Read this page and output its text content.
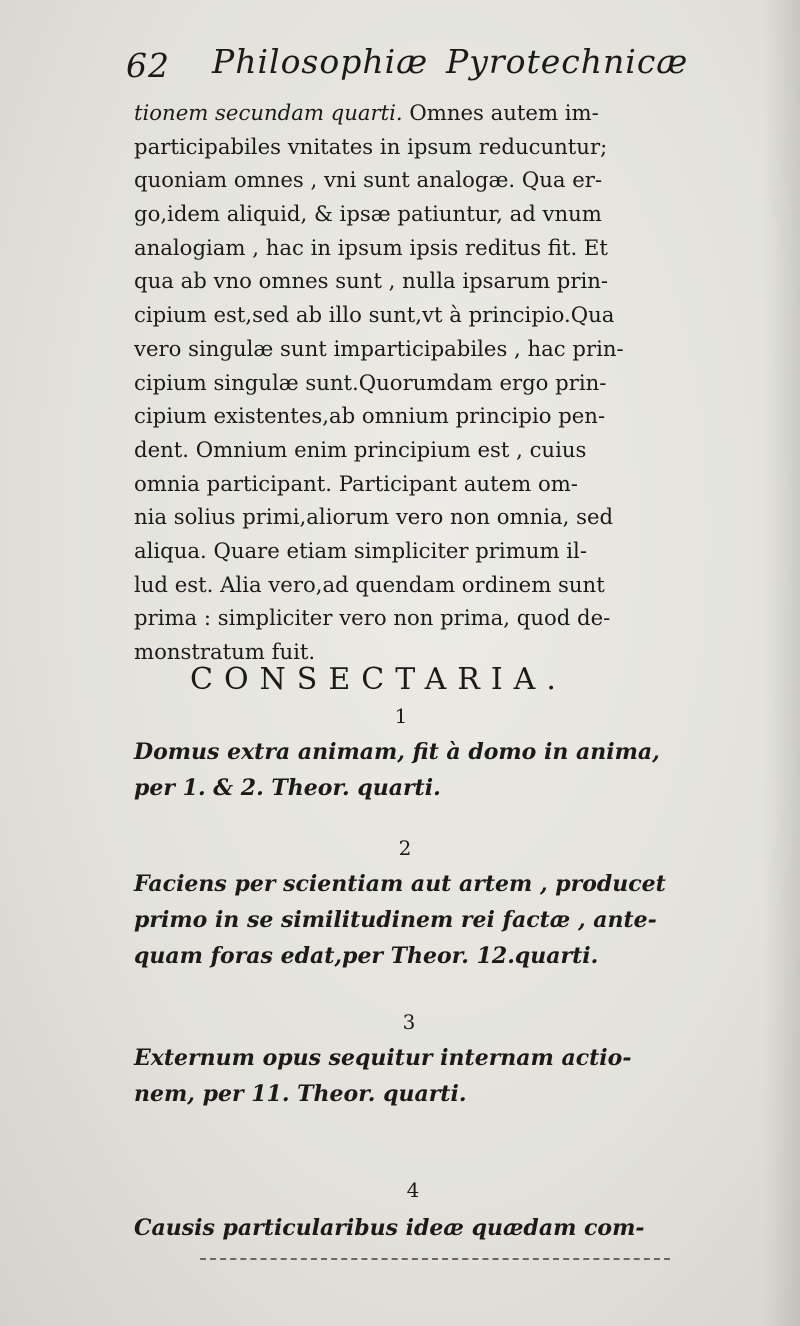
62 Philosophiæ Pyrotechnicæ
tionem secundam quarti. Omnes autem im-
participabiles vnitates in ipsum reducuntur;
quoniam omnes , vni sunt analogæ. Qua er-
go,idem aliquid, & ipsæ patiuntur, ad vnum
analogiam , hac in ipsum ipsis reditus fit. Et
qua ab vno omnes sunt , nulla ipsarum prin-
cipium est,sed ab illo sunt,vt à principio.Qua
vero singulæ sunt imparticipabiles , hac prin-
cipium singulæ sunt.Quorumdam ergo prin-
cipium existentes,ab omnium principio pen-
dent. Omnium enim principium est , cuius
omnia participant. Participant autem om-
nia solius primi,aliorum vero non omnia, sed
aliqua. Quare etiam simpliciter primum il-
lud est. Alia vero,ad quendam ordinem sunt
prima : simpliciter vero non prima, quod de-
monstratum fuit.
CONSECTARIA.
1
Domus extra animam, fit à domo in anima,
per 1. & 2. Theor. quarti.
2
Faciens per scientiam aut artem , producet
primo in se similitudinem rei factæ , ante-
quam foras edat,per Theor. 12.quarti.
3
Externum opus sequitur internam actio-
nem, per 11. Theor. quarti.
4
Causis particularibus ideæ quædam com-
